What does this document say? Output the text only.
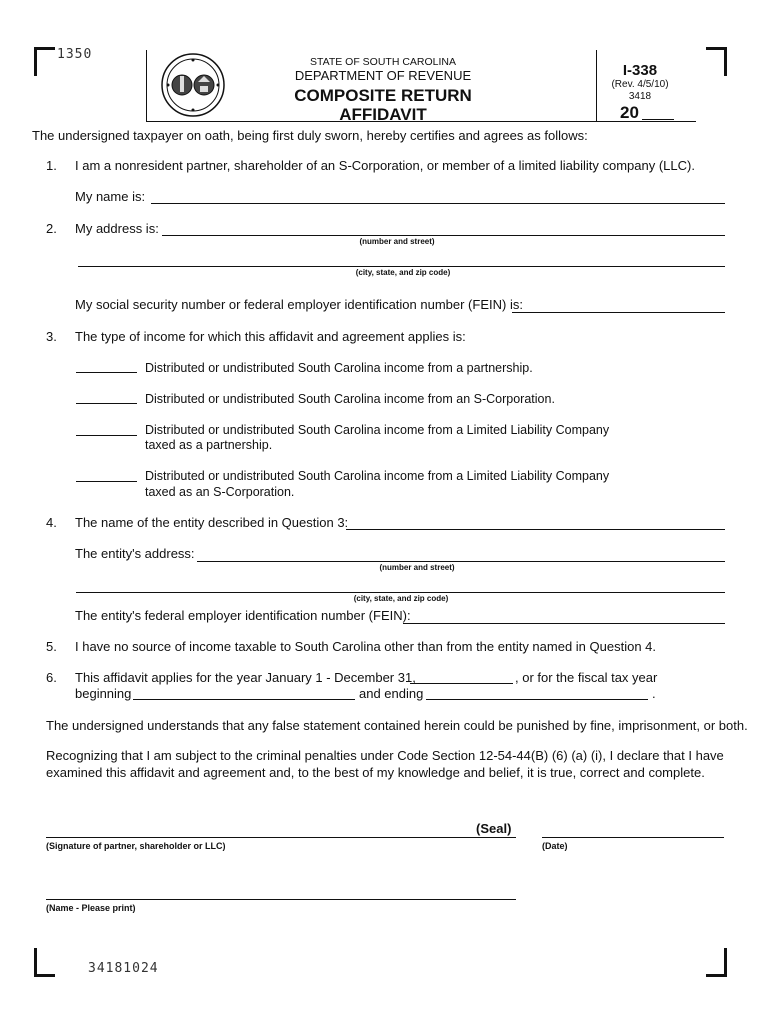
1350
34181024
STATE OF SOUTH CAROLINA
DEPARTMENT OF REVENUE
COMPOSITE RETURN
AFFIDAVIT
I-338
(Rev. 4/5/10)
3418
20
The undersigned taxpayer on oath, being first duly sworn, hereby certifies and agrees as follows:
1. I am a nonresident partner, shareholder of an S-Corporation, or member of a limited liability company (LLC).
My name is:
2. My address is:
(number and street)
(city, state, and zip code)
My social security number or federal employer identification number (FEIN) is:
3. The type of income for which this affidavit and agreement applies is:
Distributed or undistributed South Carolina income from a partnership.
Distributed or undistributed South Carolina income from an S-Corporation.
Distributed or undistributed South Carolina income from a Limited Liability Company
taxed as a partnership.
Distributed or undistributed South Carolina income from a Limited Liability Company
taxed as an S-Corporation.
4. The name of the entity described in Question 3:
The entity's address:
(number and street)
(city, state, and zip code)
The entity's federal employer identification number (FEIN):
5. I have no source of income taxable to South Carolina other than from the entity named in Question 4.
6. This affidavit applies for the year January 1 - December 31,	, or for the fiscal tax year
beginning	and ending	.
The undersigned understands that any false statement contained herein could be punished by fine, imprisonment, or both.
Recognizing that I am subject to the criminal penalties under Code Section 12-54-44(B) (6) (a) (i), I declare that I have
examined this affidavit and agreement and, to the best of my knowledge and belief, it is true, correct and complete.
(Seal)
(Signature of partner, shareholder or LLC)	(Date)
(Name - Please print)
